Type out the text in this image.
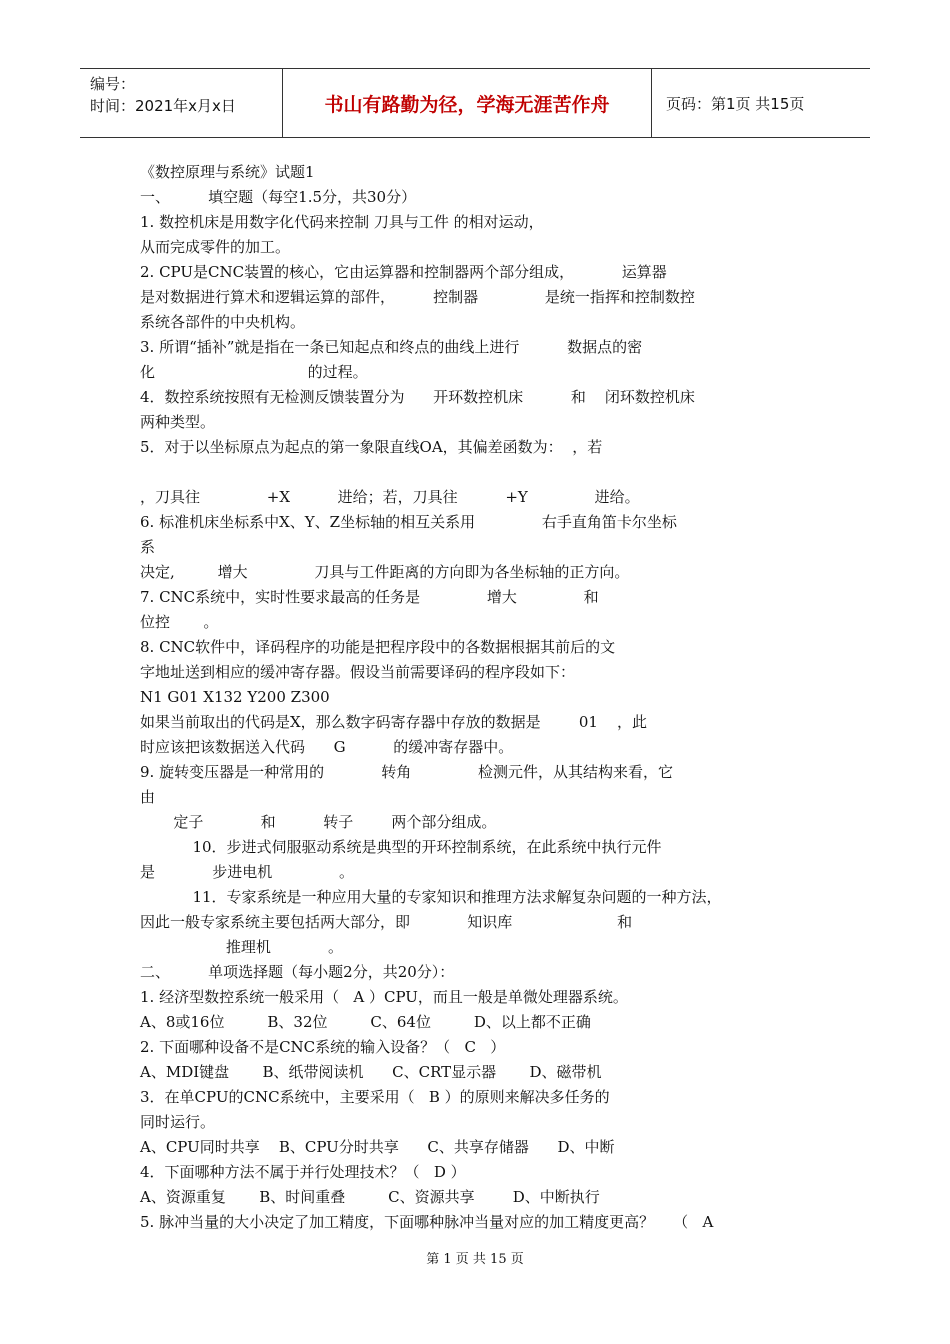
编号：
时间：2021年x月x日	书山有路勤为径，学海无涯苦作舟	页码：第1页 共15页
《数控原理与系统》试题1
一、        填空题（每空1.5分，共30分）
1. 数控机床是用数字化代码来控制 刀具与工件 的相对运动，
从而完成零件的加工。
2. CPU是CNC装置的核心，它由运算器和控制器两个部分组成，          运算器
是对数据进行算术和逻辑运算的部件，        控制器              是统一指挥和控制数控
系统各部件的中央机构。
3. 所谓“插补”就是指在一条已知起点和终点的曲线上进行          数据点的密
化                                的过程。
4．数控系统按照有无检测反馈装置分为      开环数控机床          和    闭环数控机床
两种类型。
5．对于以坐标原点为起点的第一象限直线OA，其偏差函数为：  ，若
，刀具往              +X          进给；若，刀具往          +Y              进给。
6. 标准机床坐标系中X、Y、Z坐标轴的相互关系用              右手直角笛卡尔坐标
系
决定,         增大              刀具与工件距离的方向即为各坐标轴的正方向。
7. CNC系统中，实时性要求最高的任务是              增大              和
位控       。
8. CNC软件中，译码程序的功能是把程序段中的各数据根据其前后的文
字地址送到相应的缓冲寄存器。假设当前需要译码的程序段如下：
N1 G01 X132 Y200 Z300
如果当前取出的代码是X，那么数字码寄存器中存放的数据是        01    ，此
时应该把该数据送入代码      G          的缓冲寄存器中。
9. 旋转变压器是一种常用的            转角              检测元件，从其结构来看，它
由
定子            和          转子        两个部分组成。
10．步进式伺服驱动系统是典型的开环控制系统，在此系统中执行元件
是            步进电机              。
11．专家系统是一种应用大量的专家知识和推理方法求解复杂问题的一种方法，
因此一般专家系统主要包括两大部分，即            知识库                      和
推理机            。
二、        单项选择题（每小题2分，共20分）：
1. 经济型数控系统一般采用（   A ）CPU，而且一般是单微处理器系统。
A、8或16位         B、32位         C、64位         D、以上都不正确
2. 下面哪种设备不是CNC系统的输入设备？（   C   ）
A、MDI键盘       B、纸带阅读机      C、CRT显示器       D、磁带机
3．在单CPU的CNC系统中，主要采用（   B ）的原则来解决多任务的
同时运行。
A、CPU同时共享    B、CPU分时共享      C、共享存储器      D、中断
4．下面哪种方法不属于并行处理技术？（   D ）
A、资源重复       B、时间重叠         C、资源共享        D、中断执行
5. 脉冲当量的大小决定了加工精度，下面哪种脉冲当量对应的加工精度更高？    （   A
第 1 页 共 15 页
